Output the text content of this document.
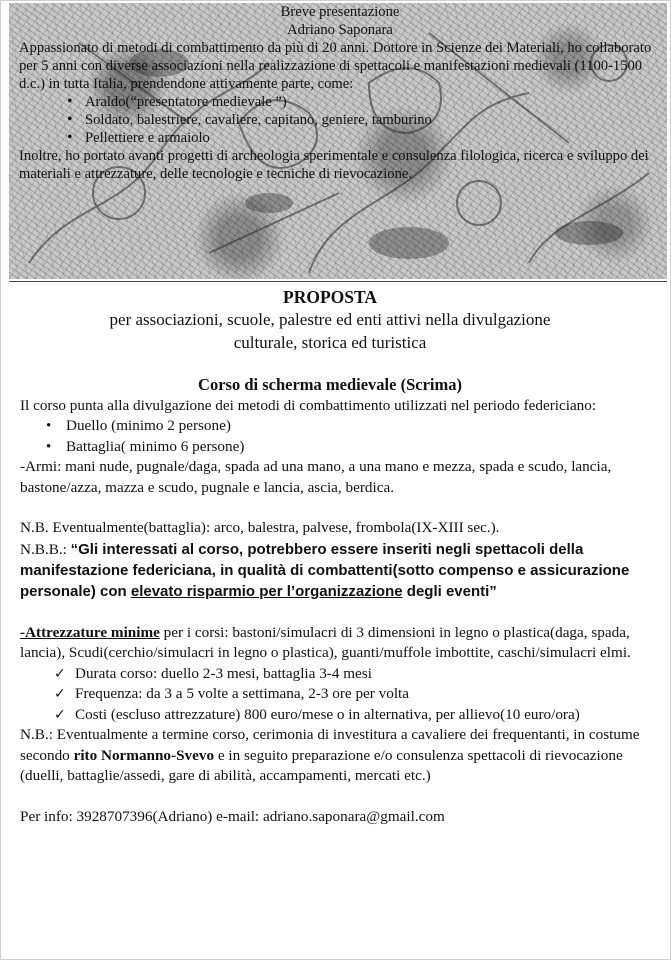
Breve presentazione

Adriano Saponara

Appassionato di metodi di combattimento da più di 20 anni. Dottore in Scienze dei Materiali, ho collaborato per 5 anni con diverse associazioni nella realizzazione di spettacoli e manifestazioni medievali (1100-1500 d.c.) in tutta Italia, prendendone attivamente parte, come:

• Araldo(“presentatore medievale ”)
• Soldato, balestriere, cavaliere, capitano, geniere, tamburino
• Pellettiere e armaiolo

Inoltre, ho portato avanti progetti di archeologia sperimentale e consulenza filologica, ricerca e sviluppo dei materiali e attrezzature, delle tecnologie e tecniche di rievocazione.

PROPOSTA

per associazioni, scuole, palestre ed enti attivi nella divulgazione

culturale, storica ed turistica

Corso di scherma medievale (Scrima)

Il corso punta alla divulgazione dei metodi di combattimento utilizzati nel periodo federiciano:

• Duello (minimo 2 persone)
• Battaglia( minimo 6 persone)

-Armi: mani nude, pugnale/daga, spada ad una mano, a una mano e mezza, spada e scudo, lancia, bastone/azza, mazza e scudo, pugnale e lancia, ascia, berdica.

N.B. Eventualmente(battaglia): arco, balestra, palvese, frombola(IX-XIII sec.).

N.B.B.: “Gli interessati al corso, potrebbero essere inseriti negli spettacoli della manifestazione federiciana, in qualità di combattenti(sotto compenso e assicurazione personale) con elevato risparmio per l’organizzazione degli eventi”

-Attrezzature minime per i corsi: bastoni/simulacri di 3 dimensioni in legno o plastica(daga, spada, lancia), Scudi(cerchio/simulacri in legno o plastica), guanti/muffole imbottite, caschi/simulacri elmi.

✓ Durata corso: duello 2-3 mesi, battaglia 3-4 mesi
✓ Frequenza: da 3 a 5 volte a settimana, 2-3 ore per volta
✓ Costi (escluso attrezzature) 800 euro/mese o in alternativa, per allievo(10 euro/ora)

N.B.: Eventualmente a termine corso, cerimonia di investitura a cavaliere dei frequentanti, in costume secondo rito Normanno-Svevo e in seguito preparazione e/o consulenza spettacoli di rievocazione (duelli, battaglie/assedi, gare di abilità, accampamenti, mercati etc.)

Per info: 3928707396(Adriano) e-mail: adriano.saponara@gmail.com
